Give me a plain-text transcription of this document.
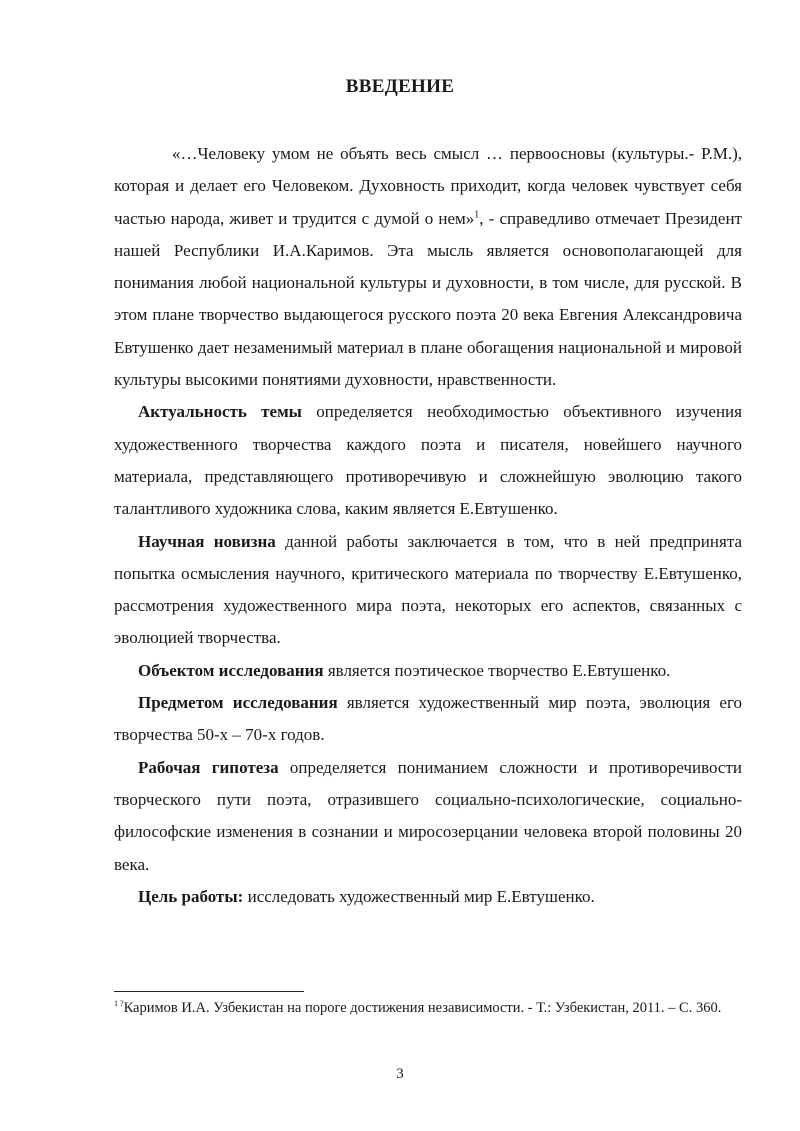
ВВЕДЕНИЕ

«…Человеку умом не объять весь смысл … первоосновы (культуры.- Р.М.), которая и делает его Человеком. Духовность приходит, когда человек чувствует себя частью народа, живет и трудится с думой о нем»$^1$, - справедливо отмечает Президент нашей Республики И.А.Каримов. Эта мысль является основополагающей для понимания любой национальной культуры и духовности, в том числе, для русской. В этом плане творчество выдающегося русского поэта 20 века Евгения Александровича Евтушенко дает незаменимый материал в плане обогащения национальной и мировой культуры высокими понятиями духовности, нравственности.

Актуальность темы определяется необходимостью объективного изучения художественного творчества каждого поэта и писателя, новейшего научного материала, представляющего противоречивую и сложнейшую эволюцию такого талантливого художника слова, каким является Е.Евтушенко.

Научная новизна данной работы заключается в том, что в ней предпринята попытка осмысления научного, критического материала по творчеству Е.Евтушенко, рассмотрения художественного мира поэта, некоторых его аспектов, связанных с эволюцией творчества.

Объектом исследования является поэтическое творчество Е.Евтушенко.

Предметом исследования является художественный мир поэта, эволюция его творчества 50-х – 70-х годов.

Рабочая гипотеза определяется пониманием сложности и противоречивости творческого пути поэта, отразившего социально-психологические, социально-философские изменения в сознании и миросозерцании человека второй половины 20 века.

Цель работы: исследовать художественный мир Е.Евтушенко.

$^{1 ?}$Каримов И.А. Узбекистан на пороге достижения независимости. - Т.: Узбекистан, 2011. – С. 360.
3
